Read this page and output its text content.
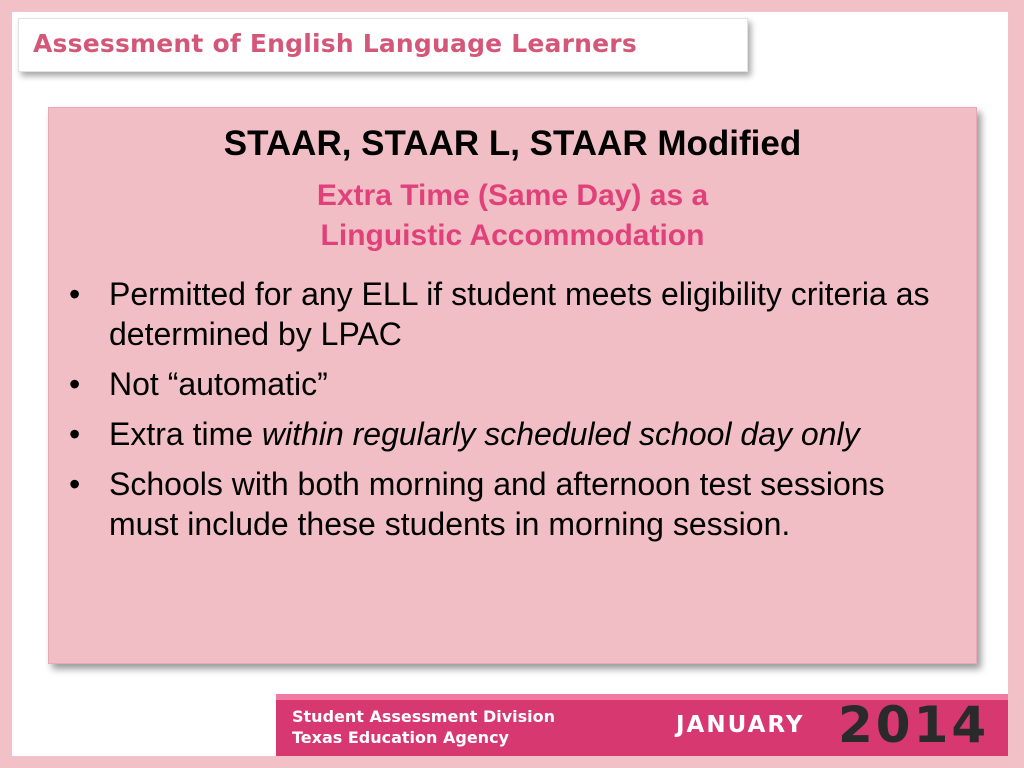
Assessment of English Language Learners
STAAR, STAAR L, STAAR Modified
Extra Time (Same Day) as a
Linguistic Accommodation
• Permitted for any ELL if student meets eligibility criteria as determined by LPAC
• Not “automatic”
• Extra time within regularly scheduled school day only
• Schools with both morning and afternoon test sessions must include these students in morning session.
Student Assessment Division
Texas Education Agency	JANUARY 2014
